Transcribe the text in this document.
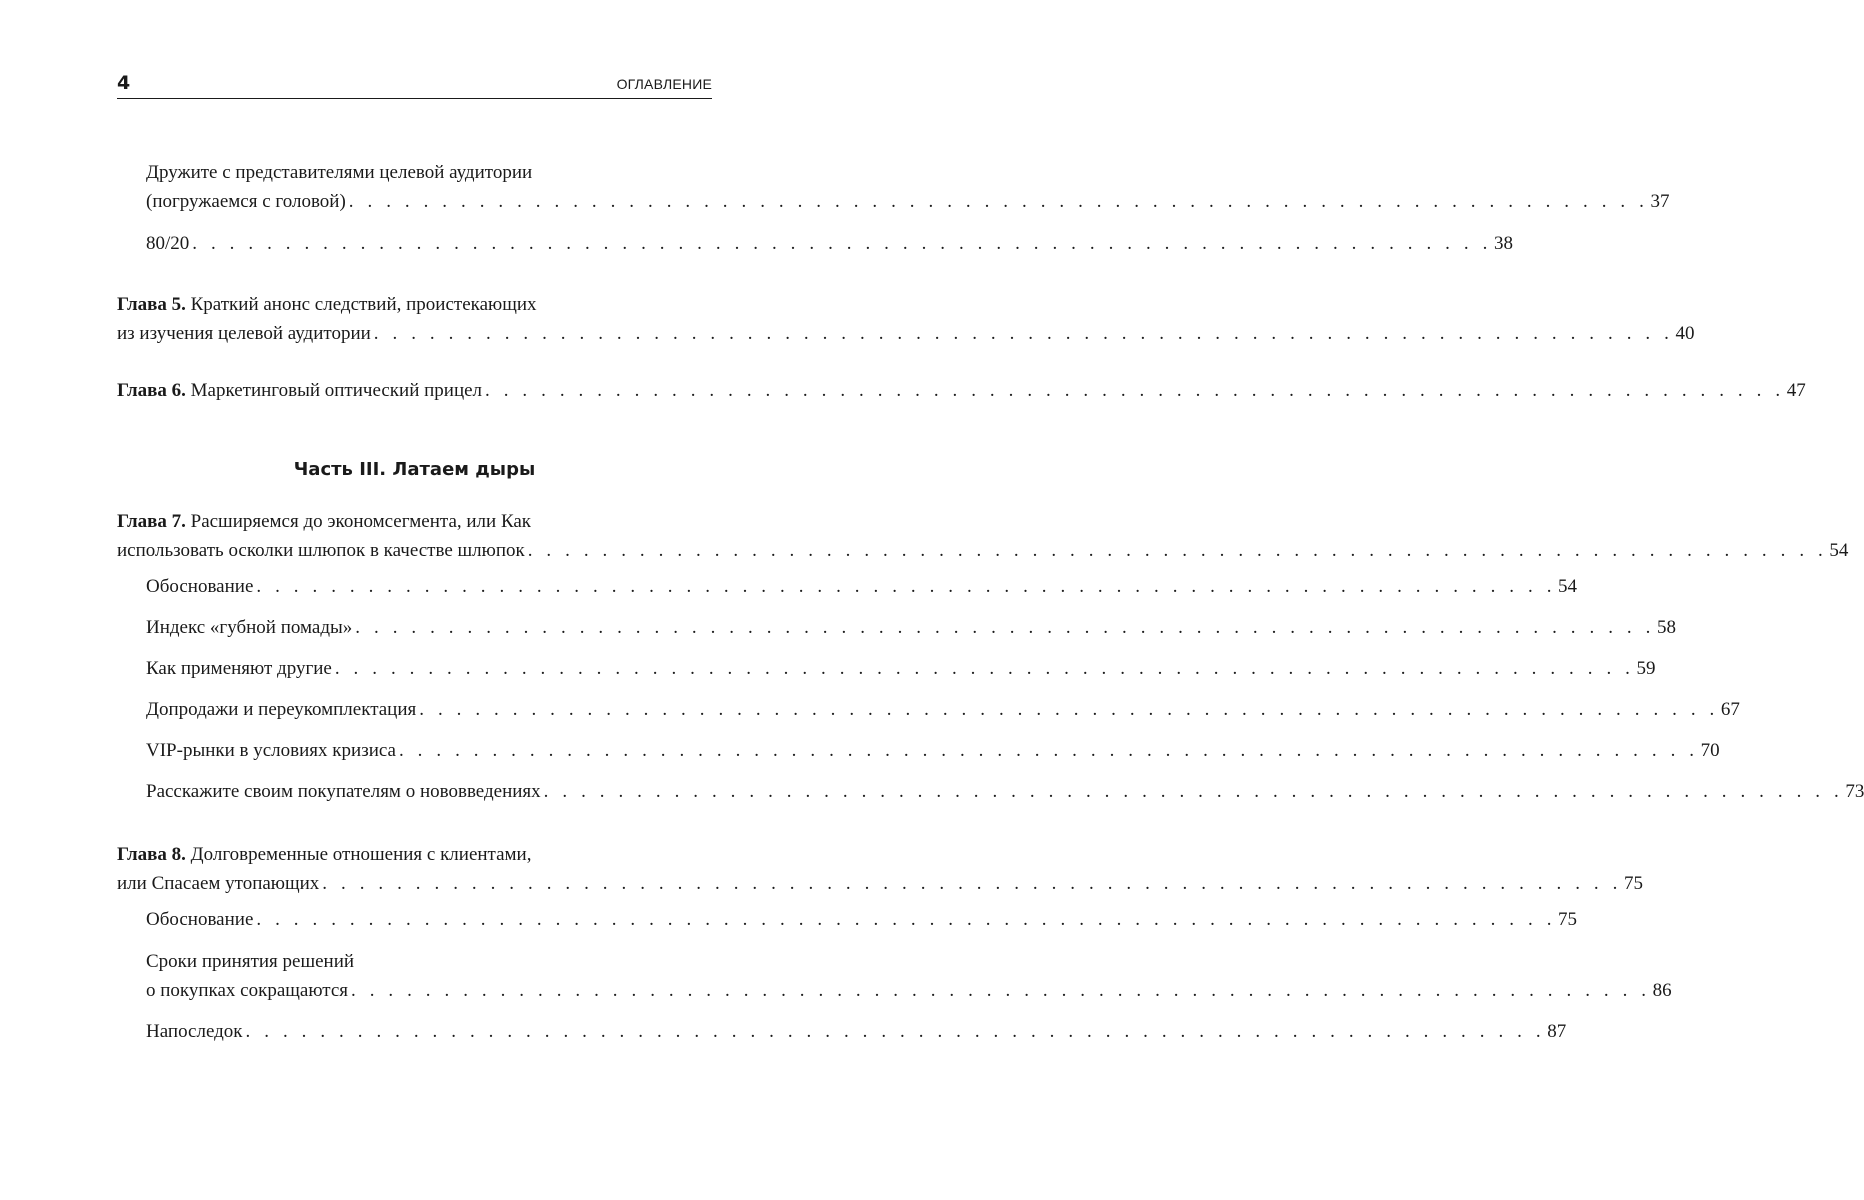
4	ОГЛАВЛЕНИЕ
Дружите с представителями целевой аудитории
(погружаемся с головой) . . . . . . . . . . . . . . . . . . . . . . . . . . . . . . . . . . . . . . . . . . . . . . . . . . . . . . . . . . . . . . . . . . . . . . 37
80/20 . . . . . . . . . . . . . . . . . . . . . . . . . . . . . . . . . . . . . . . . . . . . . . . . . . . . . . . . . . . . . . . . . . . . . . 38
Глава 5. Краткий анонс следствий, проистекающих
из изучения целевой аудитории . . . . . . . . . . . . . . . . . . . . . . . . . . . . . . . . . . . . . . . . . . . . . . . . . . . . . . . . . . . . . . . . . . . . . . 40
Глава 6. Маркетинговый оптический прицел . . . . . . . . . . . . . . . . . . . . . . . . . . . . . . . . . . . . . . . . . . . . . . . . . . . . . . . . . . . . . . . . . . . . . . 47
Часть III. Латаем дыры
Глава 7. Расширяемся до экономсегмента, или Как
использовать осколки шлюпок в качестве шлюпок . . . . . . . . . . . . . . . . . . . . . . . . . . . . . . . . . . . . . . . . . . . . . . . . . . . . . . . . . . . . . . . . . . . . . . 54
Обоснование . . . . . . . . . . . . . . . . . . . . . . . . . . . . . . . . . . . . . . . . . . . . . . . . . . . . . . . . . . . . . . . . . . . . . . 54
Индекс «губной помады» . . . . . . . . . . . . . . . . . . . . . . . . . . . . . . . . . . . . . . . . . . . . . . . . . . . . . . . . . . . . . . . . . . . . . . 58
Как применяют другие . . . . . . . . . . . . . . . . . . . . . . . . . . . . . . . . . . . . . . . . . . . . . . . . . . . . . . . . . . . . . . . . . . . . . . 59
Допродажи и переукомплектация . . . . . . . . . . . . . . . . . . . . . . . . . . . . . . . . . . . . . . . . . . . . . . . . . . . . . . . . . . . . . . . . . . . . . . 67
VIP-рынки в условиях кризиса . . . . . . . . . . . . . . . . . . . . . . . . . . . . . . . . . . . . . . . . . . . . . . . . . . . . . . . . . . . . . . . . . . . . . . 70
Расскажите своим покупателям о нововведениях . . . . . . . . . . . . . . . . . . . . . . . . . . . . . . . . . . . . . . . . . . . . . . . . . . . . . . . . . . . . . . . . . . . . . . 73
Глава 8. Долговременные отношения с клиентами,
или Спасаем утопающих . . . . . . . . . . . . . . . . . . . . . . . . . . . . . . . . . . . . . . . . . . . . . . . . . . . . . . . . . . . . . . . . . . . . . . 75
Обоснование . . . . . . . . . . . . . . . . . . . . . . . . . . . . . . . . . . . . . . . . . . . . . . . . . . . . . . . . . . . . . . . . . . . . . . 75
Сроки принятия решений
о покупках сокращаются . . . . . . . . . . . . . . . . . . . . . . . . . . . . . . . . . . . . . . . . . . . . . . . . . . . . . . . . . . . . . . . . . . . . . . 86
Напоследок . . . . . . . . . . . . . . . . . . . . . . . . . . . . . . . . . . . . . . . . . . . . . . . . . . . . . . . . . . . . . . . . . . . . . . 87
